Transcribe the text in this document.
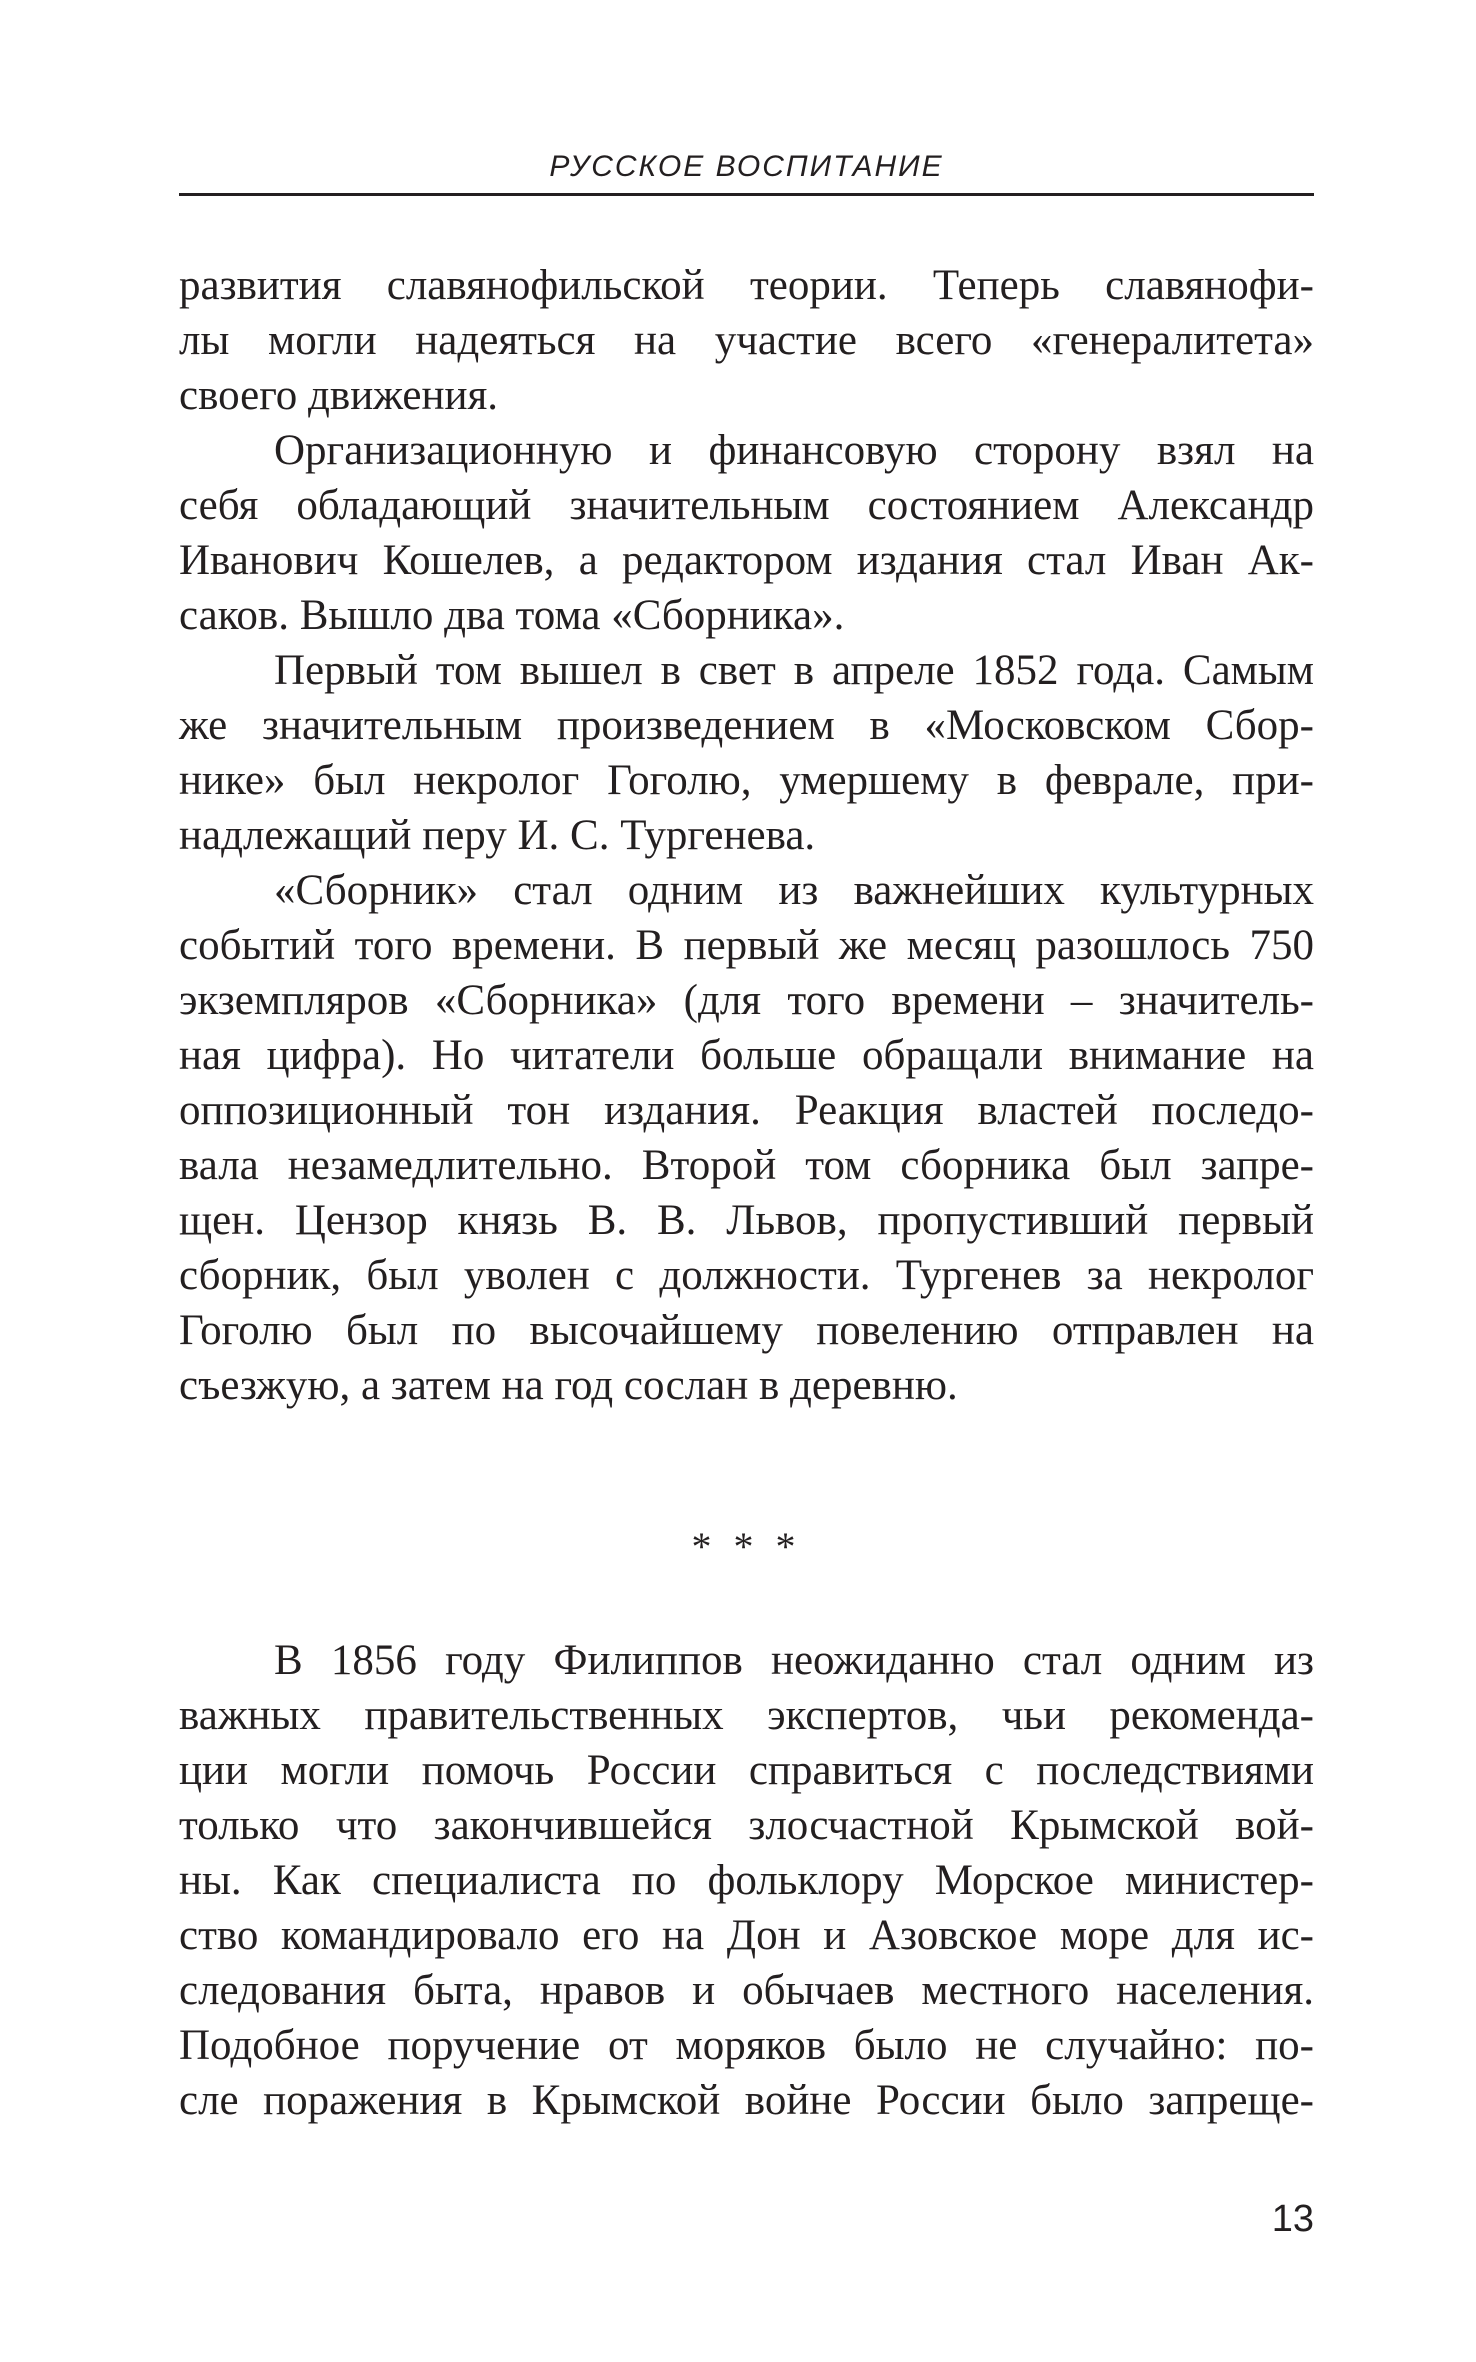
РУССКОЕ ВОСПИТАНИЕ

развития славянофильской теории. Теперь славянофи-
лы могли надеяться на участие всего «генералитета»
своего движения.

Организационную и финансовую сторону взял на
себя обладающий значительным состоянием Александр
Иванович Кошелев, а редактором издания стал Иван Ак-
саков. Вышло два тома «Сборника».

Первый том вышел в свет в апреле 1852 года. Самым
же значительным произведением в «Московском Сбор-
нике» был некролог Гоголю, умершему в феврале, при-
надлежащий перу И. С. Тургенева.

«Сборник» стал одним из важнейших культурных
событий того времени. В первый же месяц разошлось 750
экземпляров «Сборника» (для того времени – значитель-
ная цифра). Но читатели больше обращали внимание на
оппозиционный тон издания. Реакция властей последо-
вала незамедлительно. Второй том сборника был запре-
щен. Цензор князь В. В. Львов, пропустивший первый
сборник, был уволен с должности. Тургенев за некролог
Гоголю был по высочайшему повелению отправлен на
съезжую, а затем на год сослан в деревню.

* * *

В 1856 году Филиппов неожиданно стал одним из
важных правительственных экспертов, чьи рекоменда-
ции могли помочь России справиться с последствиями
только что закончившейся злосчастной Крымской вой-
ны. Как специалиста по фольклору Морское министер-
ство командировало его на Дон и Азовское море для ис-
следования быта, нравов и обычаев местного населения.
Подобное поручение от моряков было не случайно: по-
сле поражения в Крымской войне России было запреще-

13
